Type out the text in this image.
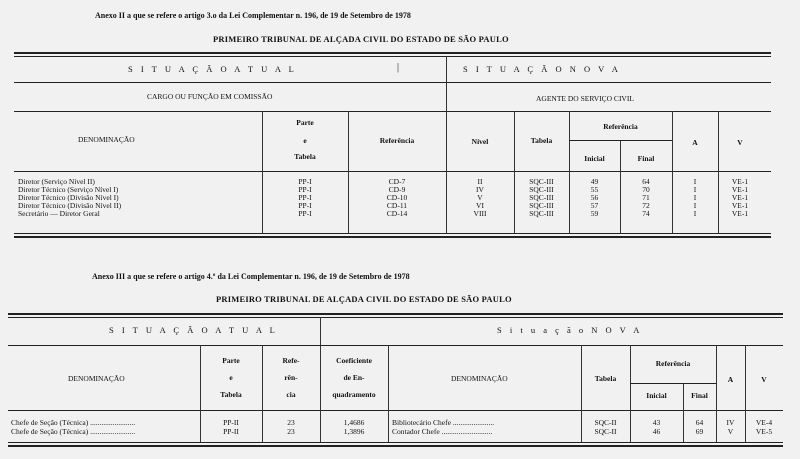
Anexo II a que se refere o artigo 3.o da Lei Complementar n. 196, de 19 de Setembro de 1978
PRIMEIRO TRIBUNAL DE ALÇADA CIVIL DO ESTADO DE SÃO PAULO
S I T U A Ç Ã O A T U A L	|	S I T U A Ç Ã O N O V A
CARGO OU FUNÇÃO EM COMISSÃO	AGENTE DO SERVIÇO CIVIL
DENOMINAÇÃO
Parte
e
Tabela
Referência	Nível	Tabela
Referência
Inicial	Final
A	V
Diretor (Serviço Nível II)	PP-I	CD-7	II	SQC-III	49	64	I	VE-1
Diretor Técnico (Serviço Nível I)	PP-I	CD-9	IV	SQC-III	55	70	I	VE-1
Diretor Técnico (Divisão Nível I)	PP-I	CD-10	V	SQC-III	56	71	I	VE-1
Diretor Técnico (Divisão Nível II)	PP-I	CD-11	VI	SQC-III	57	72	I	VE-1
Secretário — Diretor Geral	PP-I	CD-14	VIII	SQC-III	59	74	I	VE-1
Anexo III a que se refere o artigo 4.º da Lei Complementar n. 196, de 19 de Setembro de 1978
PRIMEIRO TRIBUNAL DE ALÇADA CIVIL DO ESTADO DE SÃO PAULO
S I T U A Ç Ã O A T U A L	S i t u a ç ã o N O V A
DENOMINAÇÃO
Parte
e
Tabela
Refe-
rên-
cia
Coeficiente
de En-
quadramento
DENOMINAÇÃO	Tabela
Referência
Inicial	Final
A	V
Chefe de Seção (Técnica) ........................	PP-II	23	1,4686	Bibliotecário Chefe ......................	SQC-II	43	64	IV	VE-4
Chefe de Seção (Técnica) ........................	PP-II	23	1,3896	Contador Chefe ...........................	SQC-II	46	69	V	VE-5
